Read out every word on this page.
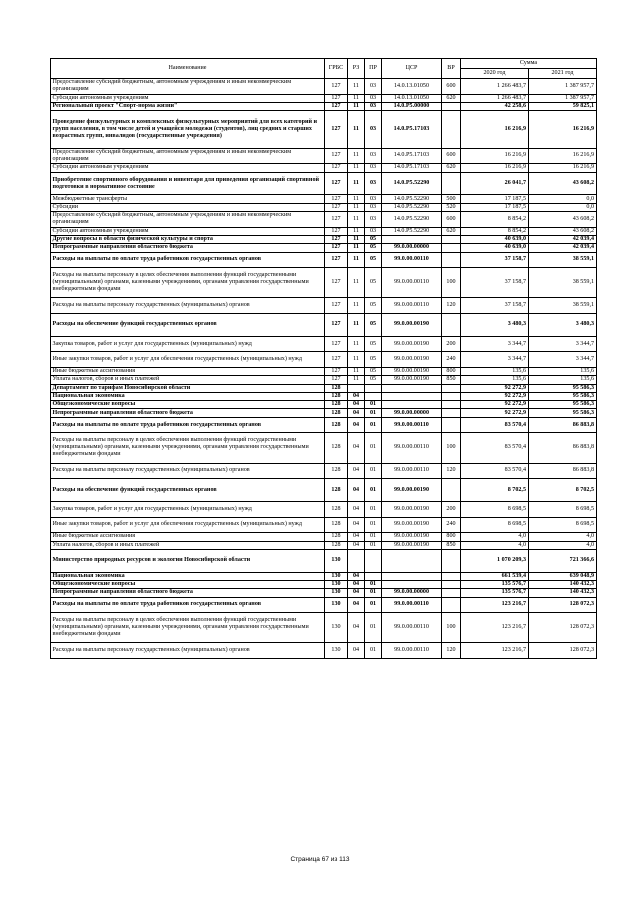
Наименование	ГРБС	РЗ	ПР	ЦСР	ВР	Сумма	
						2020 год	2021 год
Предоставление субсидий бюджетным, автономным учреждениям и иным некоммерческим организациям	127	11	03	14.0.13.01050	600	1 266 483,7	1 387 957,7
Субсидии автономным учреждениям	127	11	03	14.0.13.01050	620	1 266 483,7	1 387 957,7
Региональный проект "Спорт-норма жизни"	127	11	03	14.0.P5.00000		42 258,6	59 825,1
Проведение физкультурных и комплексных физкультурных мероприятий для всех категорий и групп населения, в том числе детей и учащейся молодежи (студентов), лиц средних и старших возрастных групп, инвалидов (государственные учреждения)	127	11	03	14.0.P5.17103		16 216,9	16 216,9
Предоставление субсидий бюджетным, автономным учреждениям и иным некоммерческим организациям	127	11	03	14.0.P5.17103	600	16 216,9	16 216,9
Субсидии автономным учреждениям	127	11	03	14.0.P5.17103	620	16 216,9	16 216,9
Приобретение спортивного оборудования и инвентаря для приведения организаций спортивной подготовки в нормативное состояние	127	11	03	14.0.P5.52290		26 041,7	43 608,2
Межбюджетные трансферты	127	11	03	14.0.P5.52290	500	17 187,5	0,0
Субсидии	127	11	03	14.0.P5.52290	520	17 187,5	0,0
Предоставление субсидий бюджетным, автономным учреждениям и иным некоммерческим организациям	127	11	03	14.0.P5.52290	600	8 854,2	43 608,2
Субсидии автономным учреждениям	127	11	03	14.0.P5.52290	620	8 854,2	43 608,2
Другие вопросы в области физической культуры и спорта	127	11	05			40 639,0	42 039,4
Непрограммные направления областного бюджета	127	11	05	99.0.00.00000		40 639,0	42 039,4
Расходы на выплаты по оплате труда работников государственных органов	127	11	05	99.0.00.00110		37 158,7	38 559,1
Расходы на выплаты персоналу в целях обеспечения выполнения функций государственными (муниципальными) органами, казенными учреждениями, органами управления государственными внебюджетными фондами	127	11	05	99.0.00.00110	100	37 158,7	38 559,1
Расходы на выплаты персоналу государственных (муниципальных) органов	127	11	05	99.0.00.00110	120	37 158,7	38 559,1
Расходы на обеспечение функций государственных органов	127	11	05	99.0.00.00190		3 480,3	3 480,3
Закупка товаров, работ и услуг для государственных (муниципальных) нужд	127	11	05	99.0.00.00190	200	3 344,7	3 344,7
Иные закупки товаров, работ и услуг для обеспечения государственных (муниципальных) нужд	127	11	05	99.0.00.00190	240	3 344,7	3 344,7
Иные бюджетные ассигнования	127	11	05	99.0.00.00190	800	135,6	135,6
Уплата налогов, сборов и иных платежей	127	11	05	99.0.00.00190	850	135,6	135,6
Департамент по тарифам Новосибирской области	128					92 272,9	95 586,3
Национальная экономика	128	04				92 272,9	95 586,3
Общеэкономические вопросы	128	04	01			92 272,9	95 586,3
Непрограммные направления областного бюджета	128	04	01	99.0.00.00000		92 272,9	95 586,3
Расходы на выплаты по оплате труда работников государственных органов	128	04	01	99.0.00.00110		83 570,4	86 883,8
Расходы на выплаты персоналу в целях обеспечения выполнения функций государственными (муниципальными) органами, казенными учреждениями, органами управления государственными внебюджетными фондами	128	04	01	99.0.00.00110	100	83 570,4	86 883,8
Расходы на выплаты персоналу государственных (муниципальных) органов	128	04	01	99.0.00.00110	120	83 570,4	86 883,8
Расходы на обеспечение функций государственных органов	128	04	01	99.0.00.00190		8 702,5	8 702,5
Закупка товаров, работ и услуг для государственных (муниципальных) нужд	128	04	01	99.0.00.00190	200	8 698,5	8 698,5
Иные закупки товаров, работ и услуг для обеспечения государственных (муниципальных) нужд	128	04	01	99.0.00.00190	240	8 698,5	8 698,5
Иные бюджетные ассигнования	128	04	01	99.0.00.00190	800	4,0	4,0
Уплата налогов, сборов и иных платежей	128	04	01	99.0.00.00190	850	4,0	4,0
Министерство природных ресурсов и экологии Новосибирской области	130					1 070 209,3	721 366,6
Национальная экономика	130	04				661 539,4	639 048,9
Общеэкономические вопросы	130	04	01			135 576,7	140 432,3
Непрограммные направления областного бюджета	130	04	01	99.0.00.00000		135 576,7	140 432,3
Расходы на выплаты по оплате труда работников государственных органов	130	04	01	99.0.00.00110		123 216,7	128 072,3
Расходы на выплаты персоналу в целях обеспечения выполнения функций государственными (муниципальными) органами, казенными учреждениями, органами управления государственными внебюджетными фондами	130	04	01	99.0.00.00110	100	123 216,7	128 072,3
Расходы на выплаты персоналу государственных (муниципальных) органов	130	04	01	99.0.00.00110	120	123 216,7	128 072,3
Страница 67 из 113
